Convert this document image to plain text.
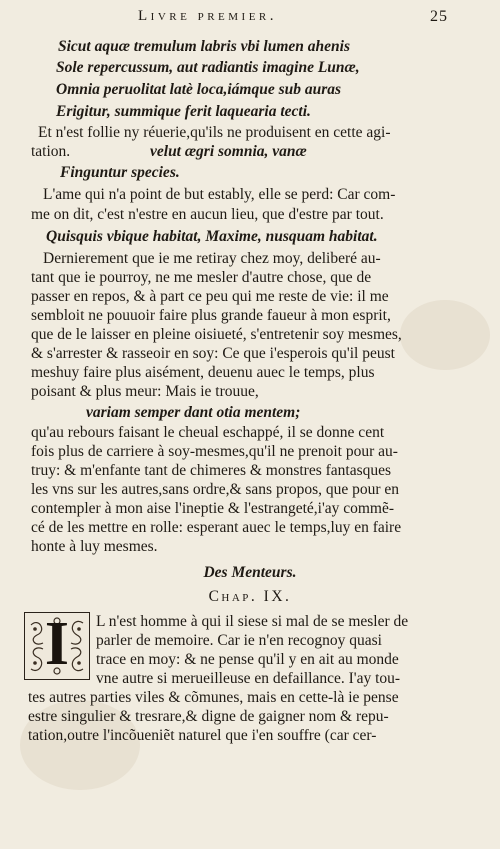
Livre premier.	25
Sicut aquæ tremulum labris vbi lumen ahenis
Sole repercussum, aut radiantis imagine Lunæ,
Omnia peruolitat latè loca,iámque sub auras
Erigitur, summique ferit laquearia tecti.
Et n'est follie ny réuerie,qu'ils ne produisent en cette agi-
tation.	velut ægri somnia, vanæ
Finguntur species.
L'ame qui n'a point de but estably, elle se perd: Car com-
me on dit, c'est n'estre en aucun lieu, que d'estre par tout.
Quisquis vbique habitat, Maxime, nusquam habitat.
Dernierement que ie me retiray chez moy, deliberé au-
tant que ie pourroy, ne me mesler d'autre chose, que de
passer en repos, & à part ce peu qui me reste de vie: il me
sembloit ne pouuoir faire plus grande faueur à mon esprit,
que de le laisser en pleine oisiueté, s'entretenir soy mesmes,
& s'arrester & rasseoir en soy: Ce que i'esperois qu'il peust
meshuy faire plus aisément, deuenu auec le temps, plus
poisant & plus meur: Mais ie trouue,
variam semper dant otia mentem;
qu'au rebours faisant le cheual eschappé, il se donne cent
fois plus de carriere à soy-mesmes,qu'il ne prenoit pour au-
truy: & m'enfante tant de chimeres & monstres fantasques
les vns sur les autres,sans ordre,& sans propos, que pour en
contempler à mon aise l'ineptie & l'estrangeté,i'ay commẽ-
cé de les mettre en rolle: esperant auec le temps,luy en faire
honte à luy mesmes.
Des Menteurs.
Chap. IX.
I	L n'est homme à qui il siese si mal de se mesler de
parler de memoire. Car ie n'en recognoy quasi
trace en moy: & ne pense qu'il y en ait au monde
vne autre si merueilleuse en defaillance. I'ay tou-
tes autres parties viles & cõmunes, mais en cette-là ie pense
estre singulier & tresrare,& digne de gaigner nom & repu-
tation,outre l'incõueniẽt naturel que i'en souffre (car cer-
